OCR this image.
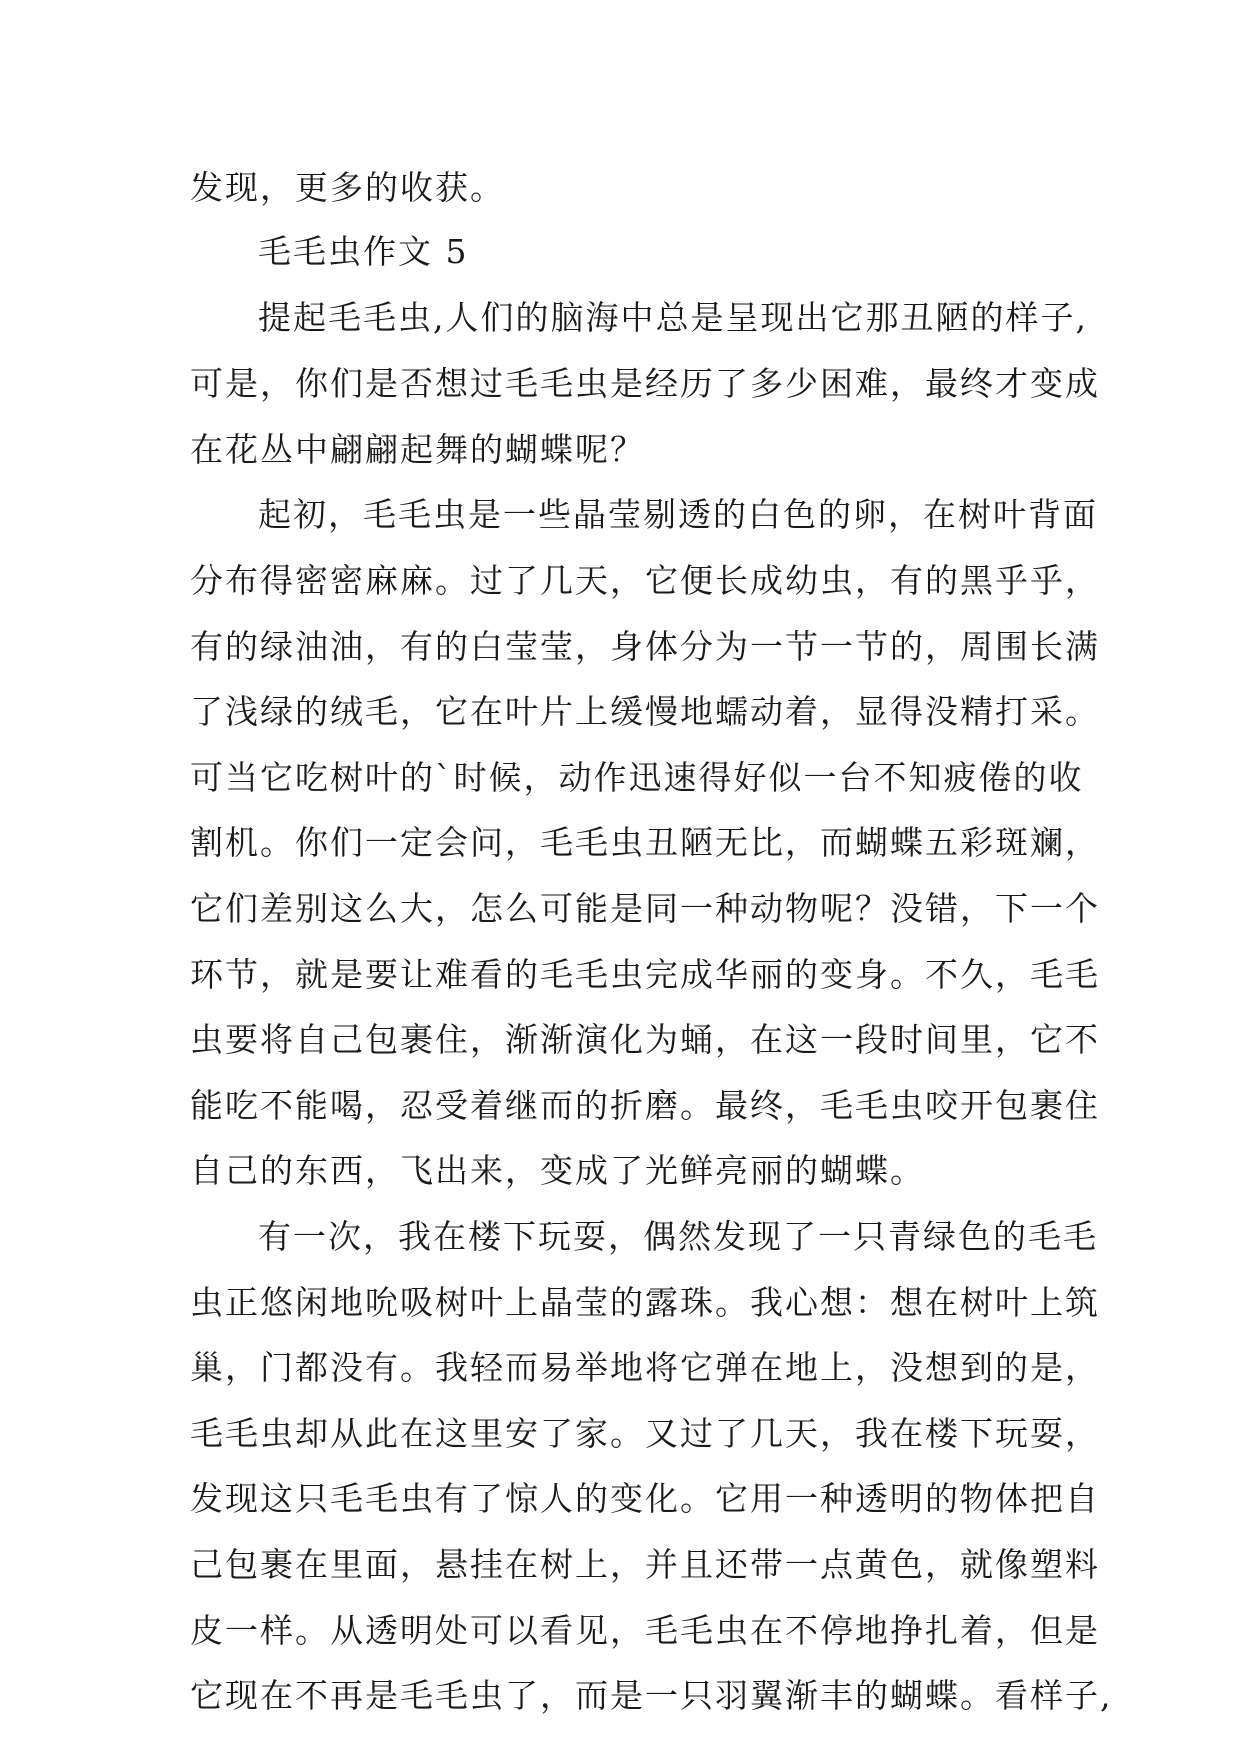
发现，更多的收获。
毛毛虫作文 5
提起毛毛虫,人们的脑海中总是呈现出它那丑陋的样子,
可是，你们是否想过毛毛虫是经历了多少困难，最终才变成
在花丛中翩翩起舞的蝴蝶呢？
起初，毛毛虫是一些晶莹剔透的白色的卵，在树叶背面
分布得密密麻麻。过了几天，它便长成幼虫，有的黑乎乎，
有的绿油油，有的白莹莹，身体分为一节一节的，周围长满
了浅绿的绒毛，它在叶片上缓慢地蠕动着，显得没精打采。
可当它吃树叶的`时候，动作迅速得好似一台不知疲倦的收
割机。你们一定会问，毛毛虫丑陋无比，而蝴蝶五彩斑斓，
它们差别这么大，怎么可能是同一种动物呢？没错，下一个
环节，就是要让难看的毛毛虫完成华丽的变身。不久，毛毛
虫要将自己包裹住，渐渐演化为蛹，在这一段时间里，它不
能吃不能喝，忍受着继而的折磨。最终，毛毛虫咬开包裹住
自己的东西，飞出来，变成了光鲜亮丽的蝴蝶。
有一次，我在楼下玩耍，偶然发现了一只青绿色的毛毛
虫正悠闲地吮吸树叶上晶莹的露珠。我心想：想在树叶上筑
巢，门都没有。我轻而易举地将它弹在地上，没想到的是，
毛毛虫却从此在这里安了家。又过了几天，我在楼下玩耍，
发现这只毛毛虫有了惊人的变化。它用一种透明的物体把自
己包裹在里面，悬挂在树上，并且还带一点黄色，就像塑料
皮一样。从透明处可以看见，毛毛虫在不停地挣扎着，但是
它现在不再是毛毛虫了，而是一只羽翼渐丰的蝴蝶。看样子,
